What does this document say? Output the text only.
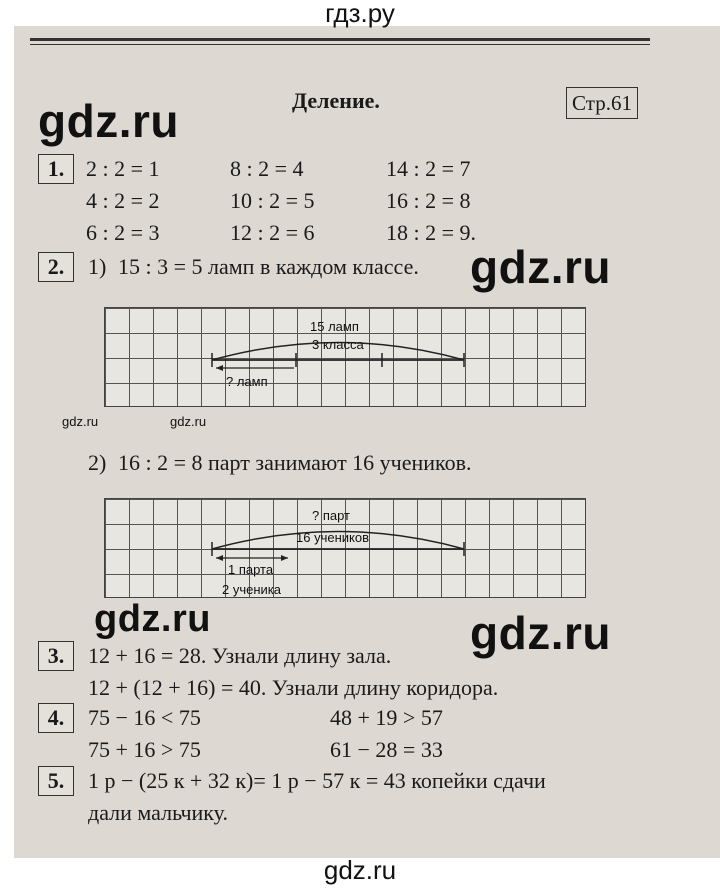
гдз.ру
gdz.ru
gdz.ru
gdz.ru	gdz.ru
gdz.ru	gdz.ru
Деление.	Стр.61
1. 2 : 2 = 1	8 : 2 = 4	14 : 2 = 7
4 : 2 = 2	10 : 2 = 5	16 : 2 = 8
6 : 2 = 3	12 : 2 = 6	18 : 2 = 9.
2.	1) 15 : 3 = 5 ламп в каждом классе.
15 ламп
3 класса
? ламп
2) 16 : 2 = 8 парт занимают 16 учеников.
? парт
16 учеников
1 парта
2 ученика
3.	12 + 16 = 28. Узнали длину зала.
12 + (12 + 16) = 40. Узнали длину коридора.
4.	75 − 16 < 75	48 + 19 > 57
75 + 16 > 75	61 − 28 = 33
5.	1 р − (25 к + 32 к)= 1 р − 57 к = 43 копейки сдачи
дали мальчику.
gdz.ru
